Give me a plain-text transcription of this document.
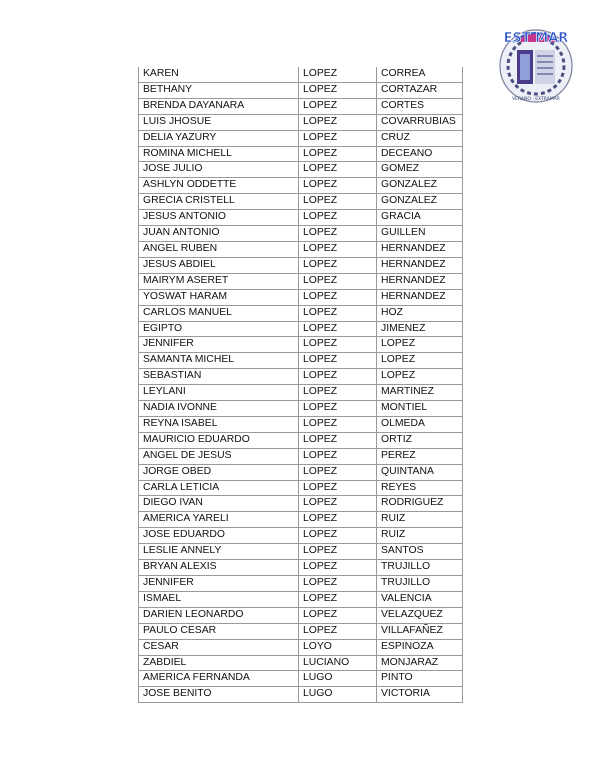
EST MAR
VERANO · EXTRAMAR
KAREN	LOPEZ	CORREA
BETHANY	LOPEZ	CORTAZAR
BRENDA DAYANARA	LOPEZ	CORTES
LUIS JHOSUE	LOPEZ	COVARRUBIAS
DELIA YAZURY	LOPEZ	CRUZ
ROMINA MICHELL	LOPEZ	DECEANO
JOSE JULIO	LOPEZ	GOMEZ
ASHLYN ODDETTE	LOPEZ	GONZALEZ
GRECIA CRISTELL	LOPEZ	GONZALEZ
JESUS ANTONIO	LOPEZ	GRACIA
JUAN ANTONIO	LOPEZ	GUILLEN
ANGEL RUBEN	LOPEZ	HERNANDEZ
JESUS ABDIEL	LOPEZ	HERNANDEZ
MAIRYM ASERET	LOPEZ	HERNANDEZ
YOSWAT HARAM	LOPEZ	HERNANDEZ
CARLOS MANUEL	LOPEZ	HOZ
EGIPTO	LOPEZ	JIMENEZ
JENNIFER	LOPEZ	LOPEZ
SAMANTA MICHEL	LOPEZ	LOPEZ
SEBASTIAN	LOPEZ	LOPEZ
LEYLANI	LOPEZ	MARTINEZ
NADIA IVONNE	LOPEZ	MONTIEL
REYNA ISABEL	LOPEZ	OLMEDA
MAURICIO EDUARDO	LOPEZ	ORTIZ
ANGEL DE JESUS	LOPEZ	PEREZ
JORGE OBED	LOPEZ	QUINTANA
CARLA LETICIA	LOPEZ	REYES
DIEGO IVAN	LOPEZ	RODRIGUEZ
AMERICA YARELI	LOPEZ	RUIZ
JOSE EDUARDO	LOPEZ	RUIZ
LESLIE ANNELY	LOPEZ	SANTOS
BRYAN ALEXIS	LOPEZ	TRUJILLO
JENNIFER	LOPEZ	TRUJILLO
ISMAEL	LOPEZ	VALENCIA
DARIEN LEONARDO	LOPEZ	VELAZQUEZ
PAULO CESAR	LOPEZ	VILLAFAÑEZ
CESAR	LOYO	ESPINOZA
ZABDIEL	LUCIANO	MONJARAZ
AMERICA FERNANDA	LUGO	PINTO
JOSE BENITO	LUGO	VICTORIA
